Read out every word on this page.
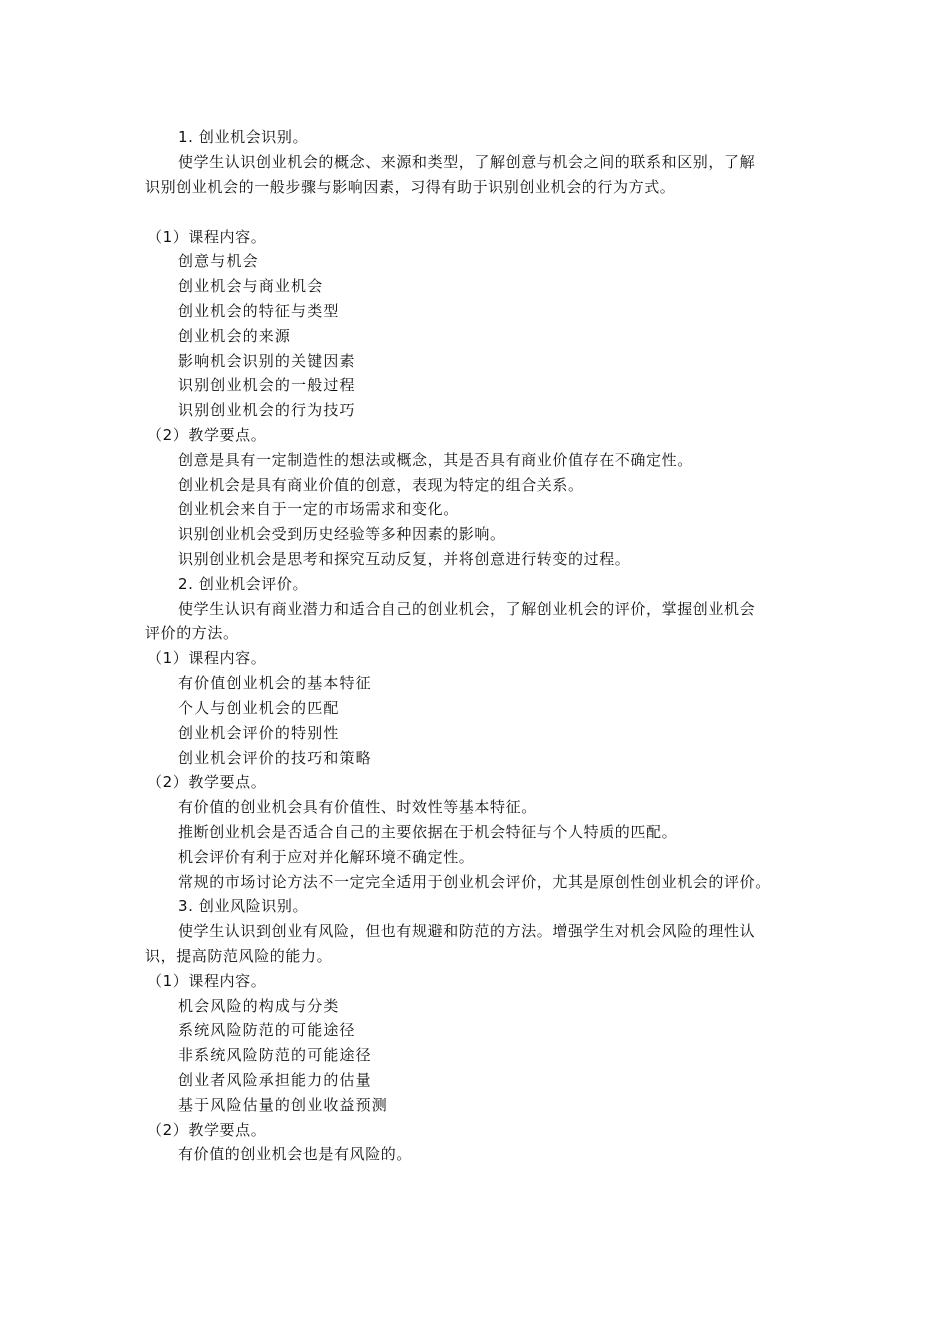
1. 创业机会识别。
使学生认识创业机会的概念、来源和类型，了解创意与机会之间的联系和区别，了解
识别创业机会的一般步骤与影响因素，习得有助于识别创业机会的行为方式。
（1）课程内容。
创意与机会
创业机会与商业机会
创业机会的特征与类型
创业机会的来源
影响机会识别的关键因素
识别创业机会的一般过程
识别创业机会的行为技巧
（2）教学要点。
创意是具有一定制造性的想法或概念，其是否具有商业价值存在不确定性。
创业机会是具有商业价值的创意，表现为特定的组合关系。
创业机会来自于一定的市场需求和变化。
识别创业机会受到历史经验等多种因素的影响。
识别创业机会是思考和探究互动反复，并将创意进行转变的过程。
2. 创业机会评价。
使学生认识有商业潜力和适合自己的创业机会，了解创业机会的评价，掌握创业机会
评价的方法。
（1）课程内容。
有价值创业机会的基本特征
个人与创业机会的匹配
创业机会评价的特别性
创业机会评价的技巧和策略
（2）教学要点。
有价值的创业机会具有价值性、时效性等基本特征。
推断创业机会是否适合自己的主要依据在于机会特征与个人特质的匹配。
机会评价有利于应对并化解环境不确定性。
常规的市场讨论方法不一定完全适用于创业机会评价，尤其是原创性创业机会的评价。
3. 创业风险识别。
使学生认识到创业有风险，但也有规避和防范的方法。增强学生对机会风险的理性认
识，提高防范风险的能力。
（1）课程内容。
机会风险的构成与分类
系统风险防范的可能途径
非系统风险防范的可能途径
创业者风险承担能力的估量
基于风险估量的创业收益预测
（2）教学要点。
有价值的创业机会也是有风险的。
